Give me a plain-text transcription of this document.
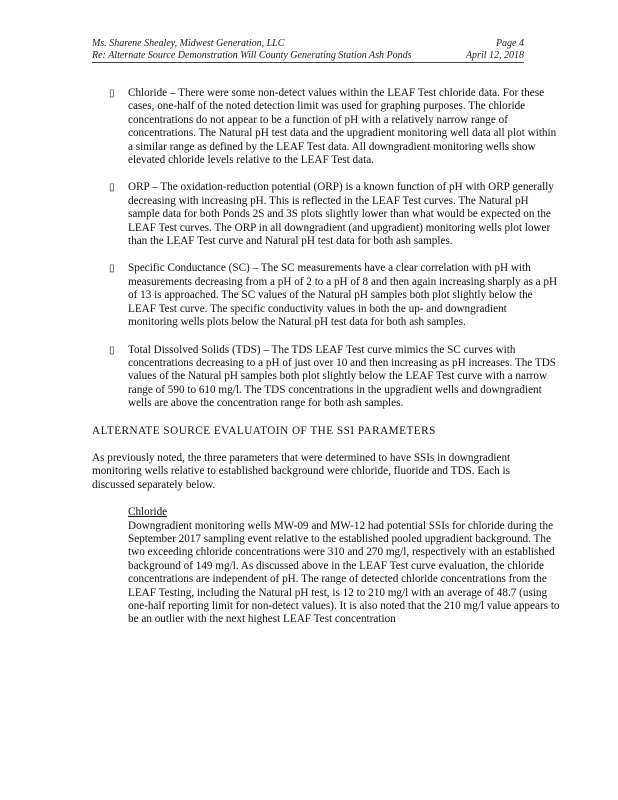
Ms. Sharene Shealey, Midwest Generation, LLC	Page 4
Re: Alternate Source Demonstration Will County Generating Station Ash Ponds	April 12, 2018
▯ Chloride – There were some non-detect values within the LEAF Test chloride data. For these cases, one-half of the noted detection limit was used for graphing purposes. The chloride concentrations do not appear to be a function of pH with a relatively narrow range of concentrations. The Natural pH test data and the upgradient monitoring well data all plot within a similar range as defined by the LEAF Test data. All downgradient monitoring wells show elevated chloride levels relative to the LEAF Test data.
▯ ORP – The oxidation-reduction potential (ORP) is a known function of pH with ORP generally decreasing with increasing pH. This is reflected in the LEAF Test curves. The Natural pH sample data for both Ponds 2S and 3S plots slightly lower than what would be expected on the LEAF Test curves. The ORP in all downgradient (and upgradient) monitoring wells plot lower than the LEAF Test curve and Natural pH test data for both ash samples.
▯ Specific Conductance (SC) – The SC measurements have a clear correlation with pH with measurements decreasing from a pH of 2 to a pH of 8 and then again increasing sharply as a pH of 13 is approached. The SC values of the Natural pH samples both plot slightly below the LEAF Test curve. The specific conductivity values in both the up- and downgradient monitoring wells plots below the Natural pH test data for both ash samples.
▯ Total Dissolved Solids (TDS) – The TDS LEAF Test curve mimics the SC curves with concentrations decreasing to a pH of just over 10 and then increasing as pH increases. The TDS values of the Natural pH samples both plot slightly below the LEAF Test curve with a narrow range of 590 to 610 mg/l. The TDS concentrations in the upgradient wells and downgradient wells are above the concentration range for both ash samples.
ALTERNATE SOURCE EVALUATOIN OF THE SSI PARAMETERS
As previously noted, the three parameters that were determined to have SSIs in downgradient monitoring wells relative to established background were chloride, fluoride and TDS. Each is discussed separately below.
Chloride
Downgradient monitoring wells MW-09 and MW-12 had potential SSIs for chloride during the September 2017 sampling event relative to the established pooled upgradient background. The two exceeding chloride concentrations were 310 and 270 mg/l, respectively with an established background of 149 mg/l. As discussed above in the LEAF Test curve evaluation, the chloride concentrations are independent of pH. The range of detected chloride concentrations from the LEAF Testing, including the Natural pH test, is 12 to 210 mg/l with an average of 48.7 (using one-half reporting limit for non-detect values). It is also noted that the 210 mg/l value appears to be an outlier with the next highest LEAF Test concentration
